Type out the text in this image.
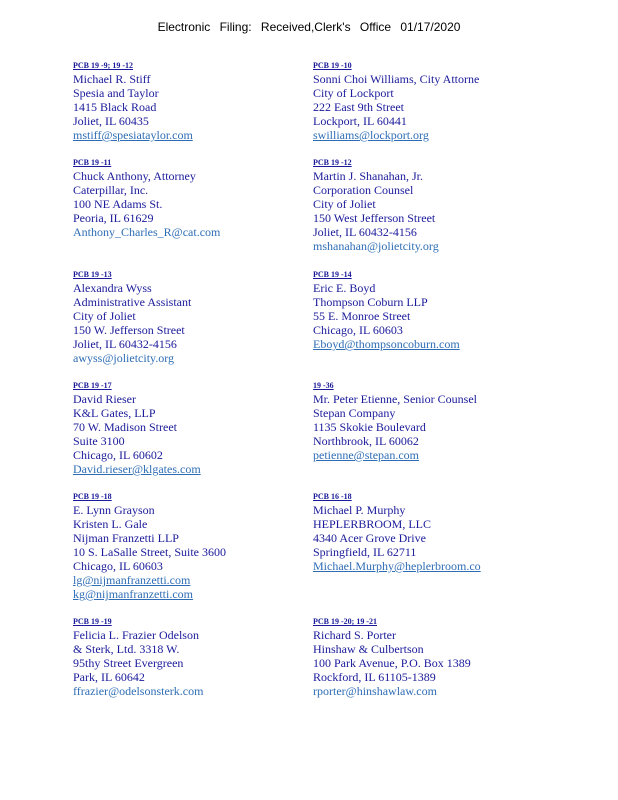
Electronic Filing: Received,Clerk's Office 01/17/2020
PCB 19 -9; 19 -12
Michael R. Stiff
Spesia and Taylor
1415 Black Road
Joliet, IL 60435
mstiff@spesiataylor.com
PCB 19 -10
Sonni Choi Williams, City Attorne
City of Lockport
222 East 9th Street
Lockport, IL 60441
swilliams@lockport.org
PCB 19 -11
Chuck Anthony, Attorney
Caterpillar, Inc.
100 NE Adams St.
Peoria, IL 61629
Anthony_Charles_R@cat.com
PCB 19 -12
Martin J. Shanahan, Jr.
Corporation Counsel
City of Joliet
150 West Jefferson Street
Joliet, IL 60432-4156
mshanahan@jolietcity.org
PCB 19 -13
Alexandra Wyss
Administrative Assistant
City of Joliet
150 W. Jefferson Street
Joliet, IL 60432-4156
awyss@jolietcity.org
PCB 19 -14
Eric E. Boyd
Thompson Coburn LLP
55 E. Monroe Street
Chicago, IL 60603
Eboyd@thompsoncoburn.com
PCB 19 -17
David Rieser
K&L Gates, LLP
70 W. Madison Street
Suite 3100
Chicago, IL 60602
David.rieser@klgates.com
19 -36
Mr. Peter Etienne, Senior Counsel
Stepan Company
1135 Skokie Boulevard
Northbrook, IL 60062
petienne@stepan.com
PCB 19 -18
E. Lynn Grayson
Kristen L. Gale
Nijman Franzetti LLP
10 S. LaSalle Street, Suite 3600
Chicago, IL 60603
lg@nijmanfranzetti.com
kg@nijmanfranzetti.com
PCB 16 -18
Michael P. Murphy
HEPLERBROOM, LLC
4340 Acer Grove Drive
Springfield, IL 62711
Michael.Murphy@heplerbroom.co
PCB 19 -19
Felicia L. Frazier Odelson
& Sterk, Ltd. 3318 W.
95thy Street Evergreen
Park, IL 60642
ffrazier@odelsonsterk.com
PCB 19 -20; 19 -21
Richard S. Porter
Hinshaw & Culbertson
100 Park Avenue, P.O. Box 1389
Rockford, IL 61105-1389
rporter@hinshawlaw.com
